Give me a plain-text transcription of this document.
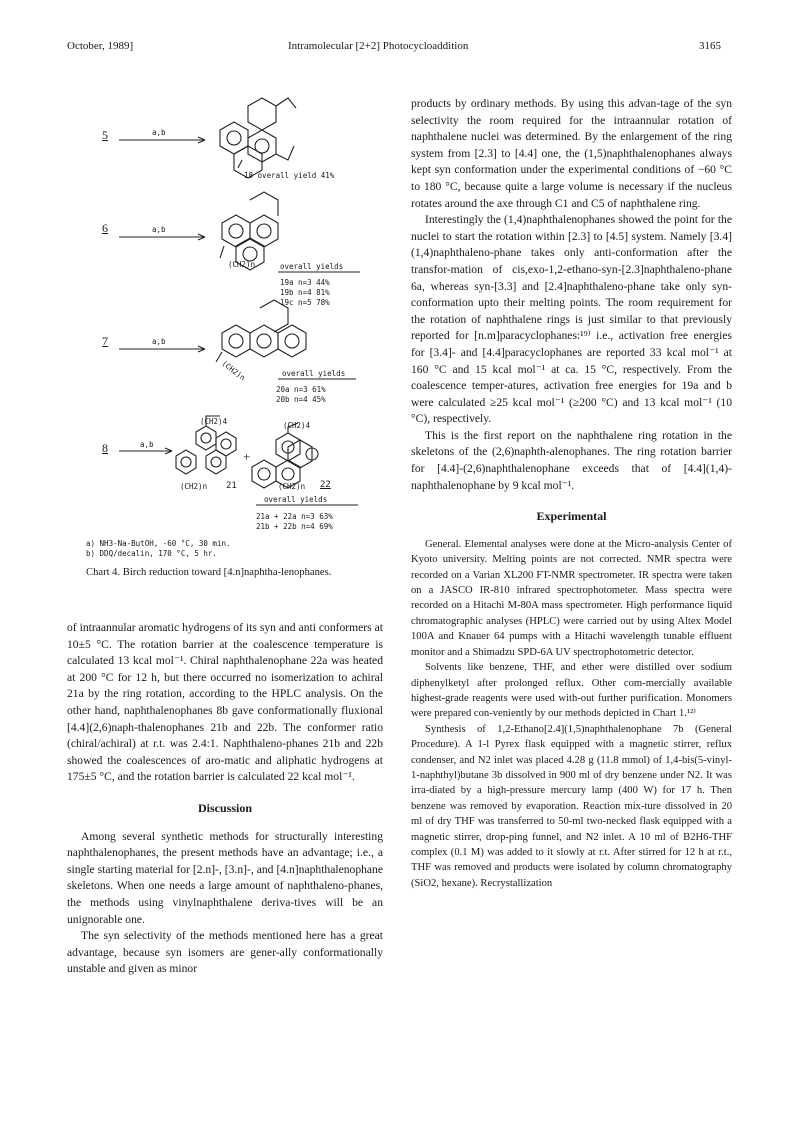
October, 1989]	Intramolecular [2+2] Photocycloaddition	3165
5
6
7
8
a,b
a,b
a,b
a,b
18 overall yield 41%
(CH2)n	overall yields
19a n=3 44%
19b n=4 81%
19c n=5 78%
(CH2)n	overall yields
20a n=3 61%
20b n=4 45%
(CH2)4	(CH2)4
+
(CH2)n 21	(CH2)n 22
overall yields
21a + 22a n=3 63%
21b + 22b n=4 69%
a) NH3-Na-ButOH, -60 °C, 30 min.
b) DDQ/decalin, 170 °C, 5 hr.
Chart 4. Birch reduction toward [4.n]naphtha-lenophanes.

of intraannular aromatic hydrogens of its syn and anti conformers at 10±5 °C. The rotation barrier at the coalescence temperature is calculated 13 kcal mol⁻¹. Chiral naphthalenophane 22a was heated at 200 °C for 12 h, but there occurred no isomerization to achiral 21a by the ring rotation, according to the HPLC analysis. On the other hand, naphthalenophanes 8b gave conformationally fluxional [4.4](2,6)naph-thalenophanes 21b and 22b. The conformer ratio (chiral/achiral) at r.t. was 2.4:1. Naphthaleno-phanes 21b and 22b showed the coalescences of aro-matic and aliphatic hydrogens at 175±5 °C, and the rotation barrier is calculated 22 kcal mol⁻¹.

Discussion

Among several synthetic methods for structurally interesting naphthalenophanes, the present methods have an advantage; i.e., a single starting material for [2.n]-, [3.n]-, and [4.n]naphthalenophane skeletons. When one needs a large amount of naphthaleno-phanes, the methods using vinylnaphthalene deriva-tives will be an unignorable one.

The syn selectivity of the methods mentioned here has a great advantage, because syn isomers are gener-ally conformationally unstable and given as minor

products by ordinary methods. By using this advan-tage of the syn selectivity the room required for the intraannular rotation of naphthalene nuclei was determined. By the enlargement of the ring system from [2.3] to [4.4] one, the (1,5)naphthalenophanes always kept syn conformation under the experimental conditions of −60 °C to 180 °C, because quite a large volume is necessary if the nucleus rotates around the axe through C1 and C5 of naphthalene ring.

Interestingly the (1,4)naphthalenophanes showed the point for the nuclei to start the rotation within [2.3] to [4.5] system. Namely [3.4](1,4)naphthaleno-phane takes only anti-conformation after the transfor-mation of cis,exo-1,2-ethano-syn-[2.3]naphthaleno-phane 6a, whereas syn-[3.3] and [2.4]naphthaleno-phane take only syn-conformation upto their melting points. The room requirement for the rotation of naphthalene rings is just similar to that previously reported for [n.m]paracyclophanes:¹⁹⁾ i.e., activation free energies for [3.4]- and [4.4]paracyclophanes are reported 33 kcal mol⁻¹ at 160 °C and 15 kcal mol⁻¹ at ca. 15 °C, respectively. From the coalescence temper-atures, activation free energies for 19a and b were calculated ≥25 kcal mol⁻¹ (≥200 °C) and 13 kcal mol⁻¹ (10 °C), respectively.

This is the first report on the naphthalene ring rotation in the skeletons of the (2,6)naphth-alenophanes. The ring rotation barrier for [4.4]-(2,6)naphthalenophane exceeds that of [4.4](1,4)-naphthalenophane by 9 kcal mol⁻¹.

Experimental

General. Elemental analyses were done at the Micro-analysis Center of Kyoto university. Melting points are not corrected. NMR spectra were recorded on a Varian XL200 FT-NMR spectrometer. IR spectra were taken on a JASCO IR-810 infrared spectrophotometer. Mass spectra were recorded on a Hitachi M-80A mass spectrometer. High performance liquid chromatographic analyses (HPLC) were carried out by using Altex Model 100A and Knauer 64 pumps with a Hitachi wavelength tunable effluent monitor and a Shimadzu SPD-6A UV spectrophotometric detector.

Solvents like benzene, THF, and ether were distilled over sodium diphenylketyl after prolonged reflux. Other com-mercially available highest-grade reagents were used with-out further purification. Monomers were prepared con-veniently by our methods depicted in Chart 1.¹²⁾

Synthesis of 1,2-Ethano[2.4](1,5)naphthalenophane 7b (General Procedure). A 1-l Pyrex flask equipped with a magnetic stirrer, reflux condenser, and N2 inlet was placed 4.28 g (11.8 mmol) of 1,4-bis(5-vinyl-1-naphthyl)butane 3b dissolved in 900 ml of dry benzene under N2. It was irra-diated by a high-pressure mercury lamp (400 W) for 17 h. Then benzene was removed by evaporation. Reaction mix-ture dissolved in 20 ml of dry THF was transferred to 50-ml two-necked flask equipped with a magnetic stirrer, drop-ping funnel, and N2 inlet. A 10 ml of B2H6-THF complex (0.1 M) was added to it slowly at r.t. After stirred for 12 h at r.t., THF was removed and products were isolated by column chromatography (SiO2, hexane). Recrystallization
